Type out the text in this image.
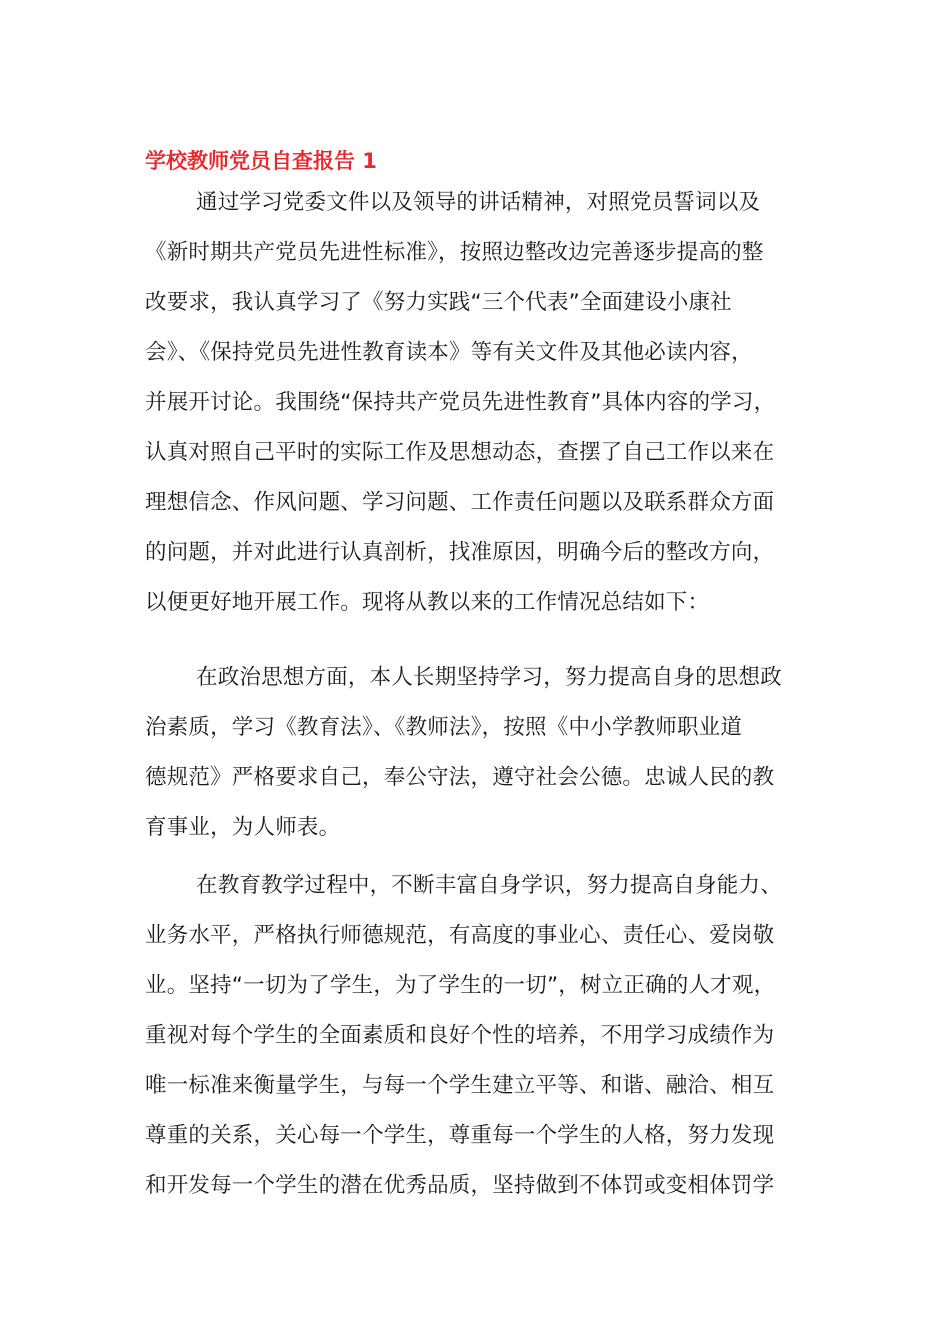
学校教师党员自查报告 1
通过学习党委文件以及领导的讲话精神，对照党员誓词以及
《新时期共产党员先进性标准》，按照边整改边完善逐步提高的整
改要求，我认真学习了《努力实践“三个代表”全面建设小康社
会》、《保持党员先进性教育读本》等有关文件及其他必读内容，
并展开讨论。我围绕“保持共产党员先进性教育”具体内容的学习，
认真对照自己平时的实际工作及思想动态，查摆了自己工作以来在
理想信念、作风问题、学习问题、工作责任问题以及联系群众方面
的问题，并对此进行认真剖析，找准原因，明确今后的整改方向，
以便更好地开展工作。现将从教以来的工作情况总结如下：
在政治思想方面，本人长期坚持学习，努力提高自身的思想政
治素质，学习《教育法》、《教师法》，按照《中小学教师职业道
德规范》严格要求自己，奉公守法，遵守社会公德。忠诚人民的教
育事业，为人师表。
在教育教学过程中，不断丰富自身学识，努力提高自身能力、
业务水平，严格执行师德规范，有高度的事业心、责任心、爱岗敬
业。坚持“一切为了学生，为了学生的一切”，树立正确的人才观，
重视对每个学生的全面素质和良好个性的培养，不用学习成绩作为
唯一标准来衡量学生，与每一个学生建立平等、和谐、融洽、相互
尊重的关系，关心每一个学生，尊重每一个学生的人格，努力发现
和开发每一个学生的潜在优秀品质，坚持做到不体罚或变相体罚学
